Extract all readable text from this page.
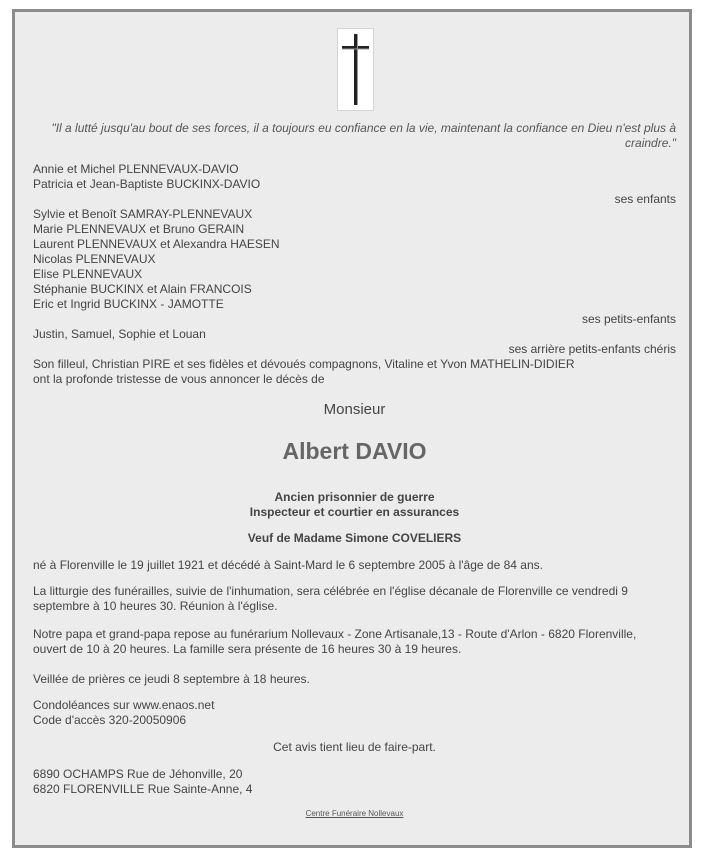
"Il a lutté jusqu'au bout de ses forces, il a toujours eu confiance en la vie, maintenant la confiance en Dieu n'est plus à craindre."
Annie et Michel PLENNEVAUX-DAVIO
Patricia et Jean-Baptiste BUCKINX-DAVIO
ses enfants
Sylvie et Benoît SAMRAY-PLENNEVAUX
Marie PLENNEVAUX et Bruno GERAIN
Laurent PLENNEVAUX et Alexandra HAESEN
Nicolas PLENNEVAUX
Elise PLENNEVAUX
Stéphanie BUCKINX et Alain FRANCOIS
Eric et Ingrid BUCKINX - JAMOTTE
ses petits-enfants
Justin, Samuel, Sophie et Louan
ses arrière petits-enfants chéris
Son filleul, Christian PIRE et ses fidèles et dévoués compagnons, Vitaline et Yvon MATHELIN-DIDIER
ont la profonde tristesse de vous annoncer le décès de
Monsieur
Albert DAVIO
Ancien prisonnier de guerre
Inspecteur et courtier en assurances
Veuf de Madame Simone COVELIERS
né à Florenville le 19 juillet 1921 et décédé à Saint-Mard le 6 septembre 2005 à l'âge de 84 ans.
La litturgie des funérailles, suivie de l'inhumation, sera célébrée en l'église décanale de Florenville ce vendredi 9
septembre à 10 heures 30. Réunion à l'église.
Notre papa et grand-papa repose au funérarium Nollevaux - Zone Artisanale,13 - Route d'Arlon - 6820 Florenville,
ouvert de 10 à 20 heures. La famille sera présente de 16 heures 30 à 19 heures.
Veillée de prières ce jeudi 8 septembre à 18 heures.
Condoléances sur www.enaos.net
Code d'accès 320-20050906
Cet avis tient lieu de faire-part.
6890 OCHAMPS Rue de Jéhonville, 20
6820 FLORENVILLE Rue Sainte-Anne, 4
Centre Funéraire Nollevaux
